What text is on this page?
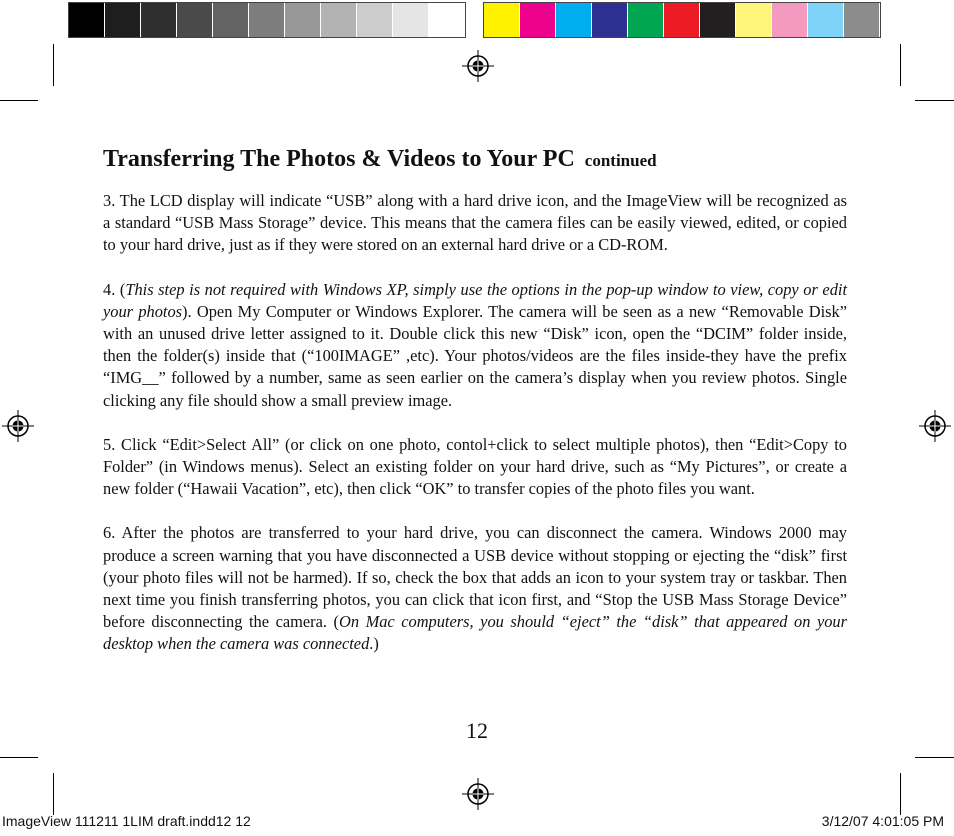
Transferring The Photos & Videos to Your PC continued

3. The LCD display will indicate “USB” along with a hard drive icon, and the ImageView will be recognized as a standard “USB Mass Storage” device. This means that the camera files can be easily viewed, edited, or copied to your hard drive, just as if they were stored on an external hard drive or a CD-ROM.

4. (This step is not required with Windows XP, simply use the options in the pop-up window to view, copy or edit your photos). Open My Computer or Windows Explorer. The camera will be seen as a new “Removable Disk” with an unused drive letter assigned to it. Double click this new “Disk” icon, open the “DCIM” folder inside, then the folder(s) inside that (“100IMAGE” ,etc). Your photos/videos are the files inside-they have the prefix “IMG__” followed by a number, same as seen earlier on the camera’s display when you review photos. Single clicking any file should show a small preview image.

5. Click “Edit>Select All” (or click on one photo, contol+click to select multiple photos), then “Edit>Copy to Folder” (in Windows menus). Select an existing folder on your hard drive, such as “My Pictures”, or create a new folder (“Hawaii Vacation”, etc), then click “OK” to transfer copies of the photo files you want.

6. After the photos are transferred to your hard drive, you can disconnect the camera. Windows 2000 may produce a screen warning that you have disconnected a USB device without stopping or ejecting the “disk” first (your photo files will not be harmed). If so, check the box that adds an icon to your system tray or taskbar. Then next time you finish transferring photos, you can click that icon first, and “Stop the USB Mass Storage Device” before disconnecting the camera. (On Mac computers, you should “eject” the “disk” that appeared on your desktop when the camera was connected.)

12
ImageView 111211 1LIM draft.indd12 12	3/12/07 4:01:05 PM
